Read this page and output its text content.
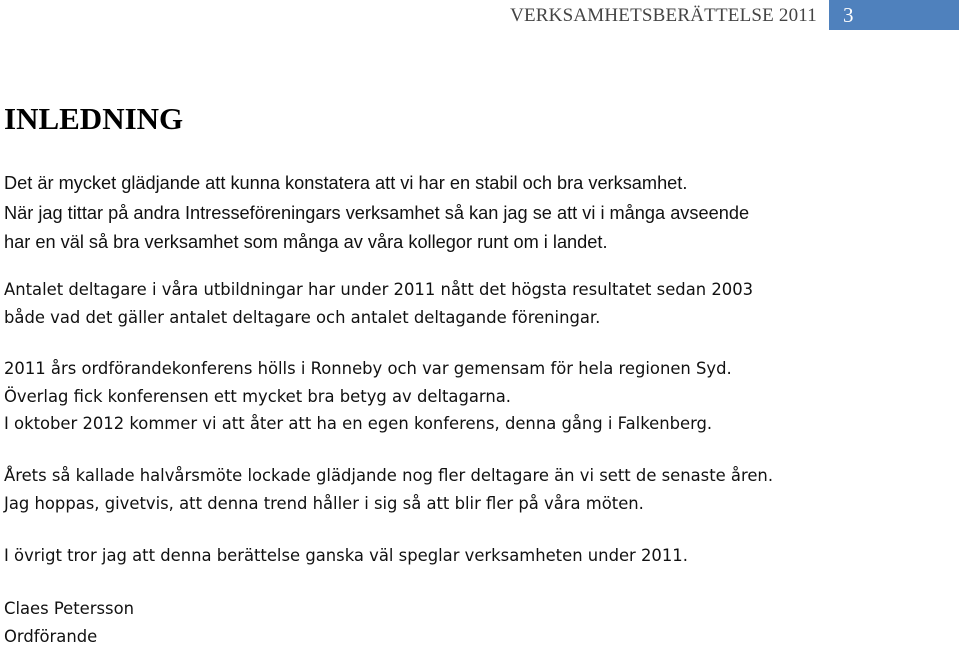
VERKSAMHETSBERÄTTELSE 2011	3
INLEDNING
Det är mycket glädjande att kunna konstatera att vi har en stabil och bra verksamhet.
När jag tittar på andra Intresseföreningars verksamhet så kan jag se att vi i många avseende
har en väl så bra verksamhet som många av våra kollegor runt om i landet.
Antalet deltagare i våra utbildningar har under 2011 nått det högsta resultatet sedan 2003
både vad det gäller antalet deltagare och antalet deltagande föreningar.
2011 års ordförandekonferens hölls i Ronneby och var gemensam för hela regionen Syd.
Överlag fick konferensen ett mycket bra betyg av deltagarna.
I oktober 2012 kommer vi att åter att ha en egen konferens, denna gång i Falkenberg.
Årets så kallade halvårsmöte lockade glädjande nog fler deltagare än vi sett de senaste åren.
Jag hoppas, givetvis, att denna trend håller i sig så att blir fler på våra möten.
I övrigt tror jag att denna berättelse ganska väl speglar verksamheten under 2011.
Claes Petersson
Ordförande
